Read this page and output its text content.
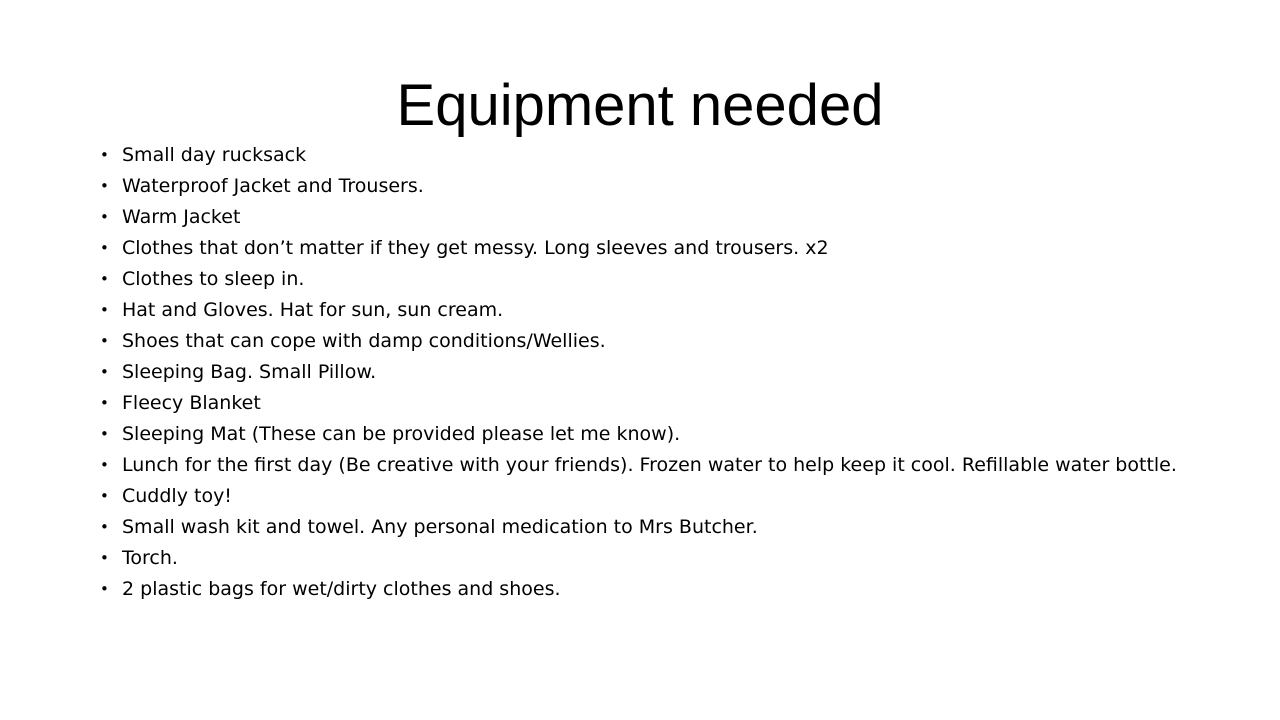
Equipment needed
• Small day rucksack
• Waterproof Jacket and Trousers.
• Warm Jacket
• Clothes that don’t matter if they get messy. Long sleeves and trousers. x2
• Clothes to sleep in.
• Hat and Gloves. Hat for sun, sun cream.
• Shoes that can cope with damp conditions/Wellies.
• Sleeping Bag. Small Pillow.
• Fleecy Blanket
• Sleeping Mat (These can be provided please let me know).
• Lunch for the first day (Be creative with your friends). Frozen water to help keep it cool. Refillable water bottle.
• Cuddly toy!
• Small wash kit and towel. Any personal medication to Mrs Butcher.
• Torch.
• 2 plastic bags for wet/dirty clothes and shoes.
